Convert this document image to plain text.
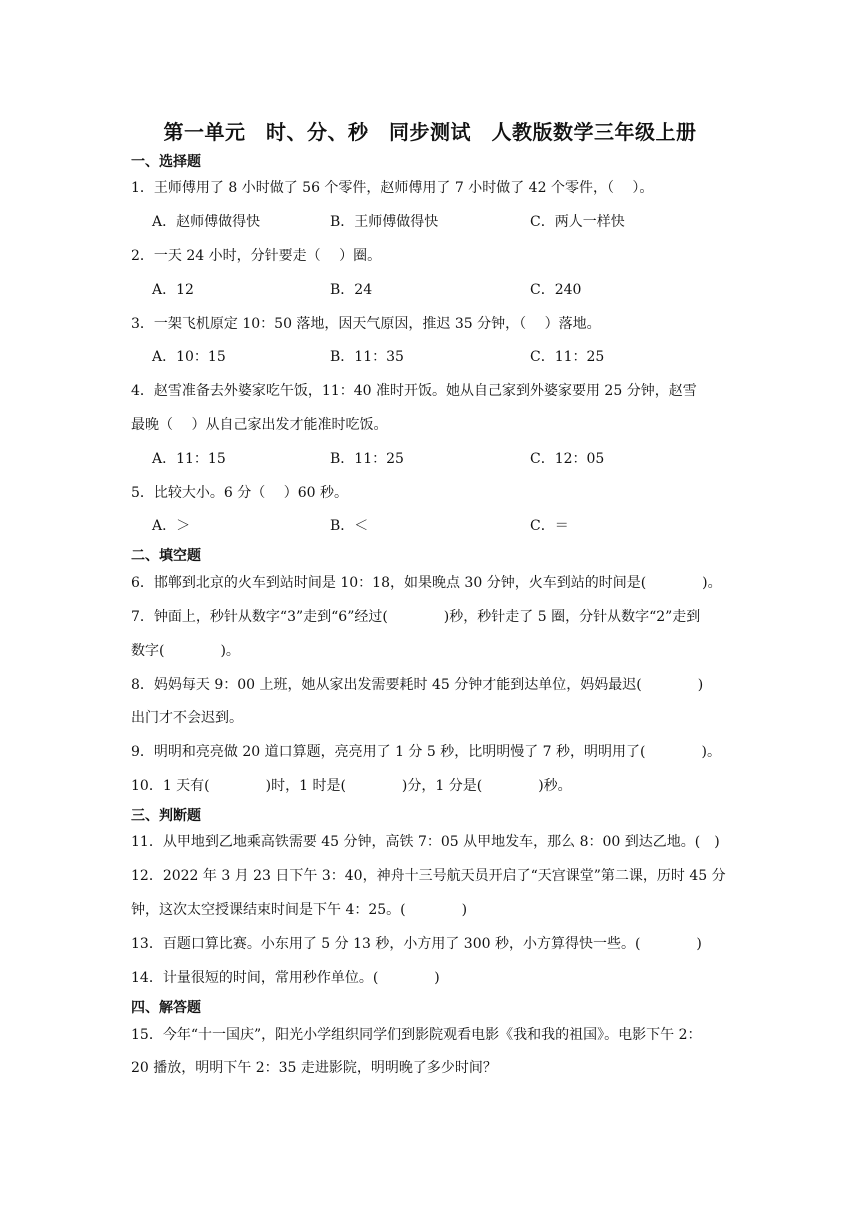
第一单元　时、分、秒　同步测试　人教版数学三年级上册
一、选择题
1．王师傅用了 8 小时做了 56 个零件，赵师傅用了 7 小时做了 42 个零件，（　 ）。
A．赵师傅做得快	B．王师傅做得快	C．两人一样快
2．一天 24 小时，分针要走（　 ）圈。
A．12	B．24	C．240
3．一架飞机原定 10：50 落地，因天气原因，推迟 35 分钟，（　 ）落地。
A．10：15	B．11：35	C．11：25
4．赵雪准备去外婆家吃午饭，11：40 准时开饭。她从自己家到外婆家要用 25 分钟，赵雪
最晚（　 ）从自己家出发才能准时吃饭。
A．11：15	B．11：25	C．12：05
5．比较大小。6 分（　 ）60 秒。
A．＞	B．＜	C．＝
二、填空题
6．邯郸到北京的火车到站时间是 10：18，如果晚点 30 分钟，火车到站的时间是(　　　　)。
7．钟面上，秒针从数字“3”走到“6”经过(　　　　)秒，秒针走了 5 圈，分针从数字“2”走到
数字(　　　　)。
8．妈妈每天 9：00 上班，她从家出发需要耗时 45 分钟才能到达单位，妈妈最迟(　　　　)
出门才不会迟到。
9．明明和亮亮做 20 道口算题，亮亮用了 1 分 5 秒，比明明慢了 7 秒，明明用了(　　　　)。
10．1 天有(　　　　)时，1 时是(　　　　)分，1 分是(　　　　)秒。
三、判断题
11．从甲地到乙地乘高铁需要 45 分钟，高铁 7：05 从甲地发车，那么 8：00 到达乙地。(　)
12．2022 年 3 月 23 日下午 3：40，神舟十三号航天员开启了“天宫课堂”第二课，历时 45 分
钟，这次太空授课结束时间是下午 4：25。(　　　　)
13．百题口算比赛。小东用了 5 分 13 秒，小方用了 300 秒，小方算得快一些。(　　　　)
14．计量很短的时间，常用秒作单位。(　　　　)
四、解答题
15．今年“十一国庆”，阳光小学组织同学们到影院观看电影《我和我的祖国》。电影下午 2：
20 播放，明明下午 2：35 走进影院，明明晚了多少时间？
